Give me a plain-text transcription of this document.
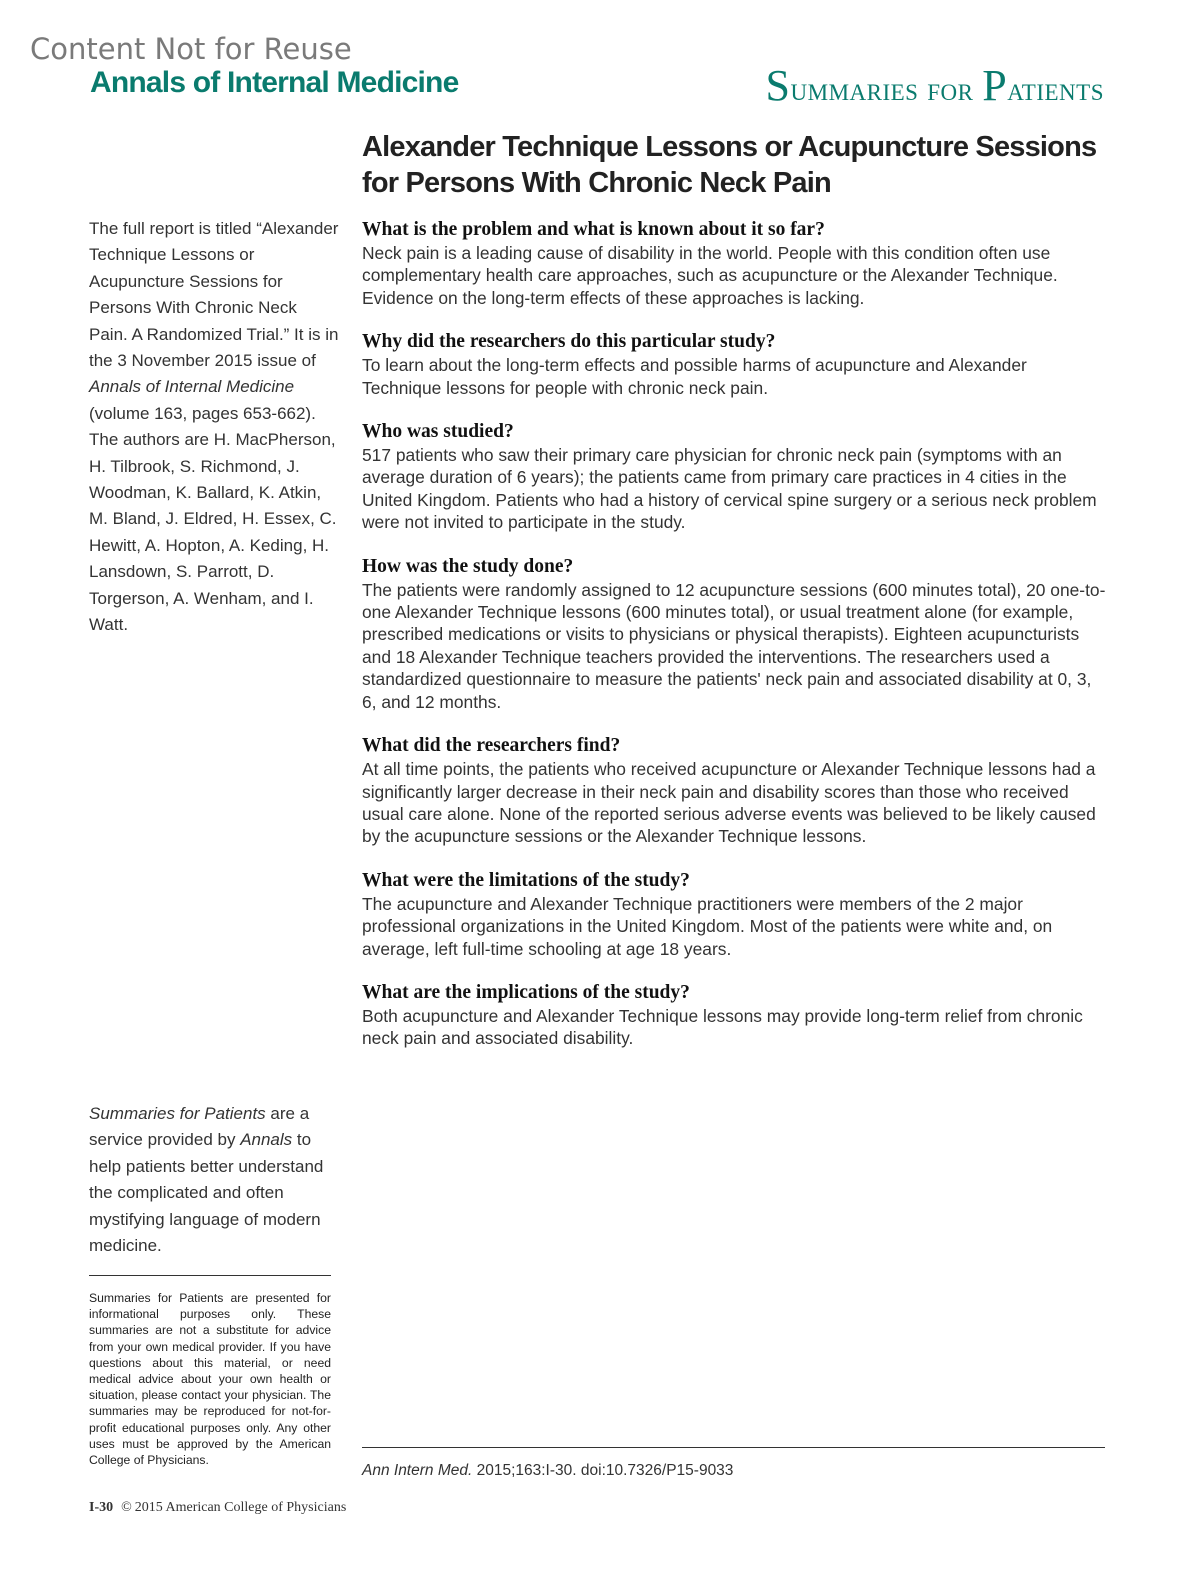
Content Not for Reuse
Annals of Internal Medicine	Summaries for Patients
Alexander Technique Lessons or Acupuncture Sessions for Persons With Chronic Neck Pain
The full report is titled “Alexander Technique Lessons or Acupuncture Sessions for Persons With Chronic Neck Pain. A Randomized Trial.” It is in the 3 November 2015 issue of Annals of Internal Medicine (volume 163, pages 653-662). The authors are H. MacPherson, H. Tilbrook, S. Richmond, J. Woodman, K. Ballard, K. Atkin, M. Bland, J. Eldred, H. Essex, C. Hewitt, A. Hopton, A. Keding, H. Lansdown, S. Parrott, D. Torgerson, A. Wenham, and I. Watt.
Summaries for Patients are a service provided by Annals to help patients better understand the complicated and often mystifying language of modern medicine.
Summaries for Patients are presented for informational purposes only. These summaries are not a substitute for advice from your own medical provider. If you have questions about this material, or need medical advice about your own health or situation, please contact your physician. The summaries may be reproduced for not-for-profit educational purposes only. Any other uses must be approved by the American College of Physicians.
What is the problem and what is known about it so far?
Neck pain is a leading cause of disability in the world. People with this condition often use complementary health care approaches, such as acupuncture or the Alexander Technique. Evidence on the long-term effects of these approaches is lacking.
Why did the researchers do this particular study?
To learn about the long-term effects and possible harms of acupuncture and Alexander Technique lessons for people with chronic neck pain.
Who was studied?
517 patients who saw their primary care physician for chronic neck pain (symptoms with an average duration of 6 years); the patients came from primary care practices in 4 cities in the United Kingdom. Patients who had a history of cervical spine surgery or a serious neck problem were not invited to participate in the study.
How was the study done?
The patients were randomly assigned to 12 acupuncture sessions (600 minutes total), 20 one-to-one Alexander Technique lessons (600 minutes total), or usual treatment alone (for example, prescribed medications or visits to physicians or physical therapists). Eighteen acupuncturists and 18 Alexander Technique teachers provided the interventions. The researchers used a standardized questionnaire to measure the patients' neck pain and associated disability at 0, 3, 6, and 12 months.
What did the researchers find?
At all time points, the patients who received acupuncture or Alexander Technique lessons had a significantly larger decrease in their neck pain and disability scores than those who received usual care alone. None of the reported serious adverse events was believed to be likely caused by the acupuncture sessions or the Alexander Technique lessons.
What were the limitations of the study?
The acupuncture and Alexander Technique practitioners were members of the 2 major professional organizations in the United Kingdom. Most of the patients were white and, on average, left full-time schooling at age 18 years.
What are the implications of the study?
Both acupuncture and Alexander Technique lessons may provide long-term relief from chronic neck pain and associated disability.
Ann Intern Med. 2015;163:I-30. doi:10.7326/P15-9033
I-30 © 2015 American College of Physicians
